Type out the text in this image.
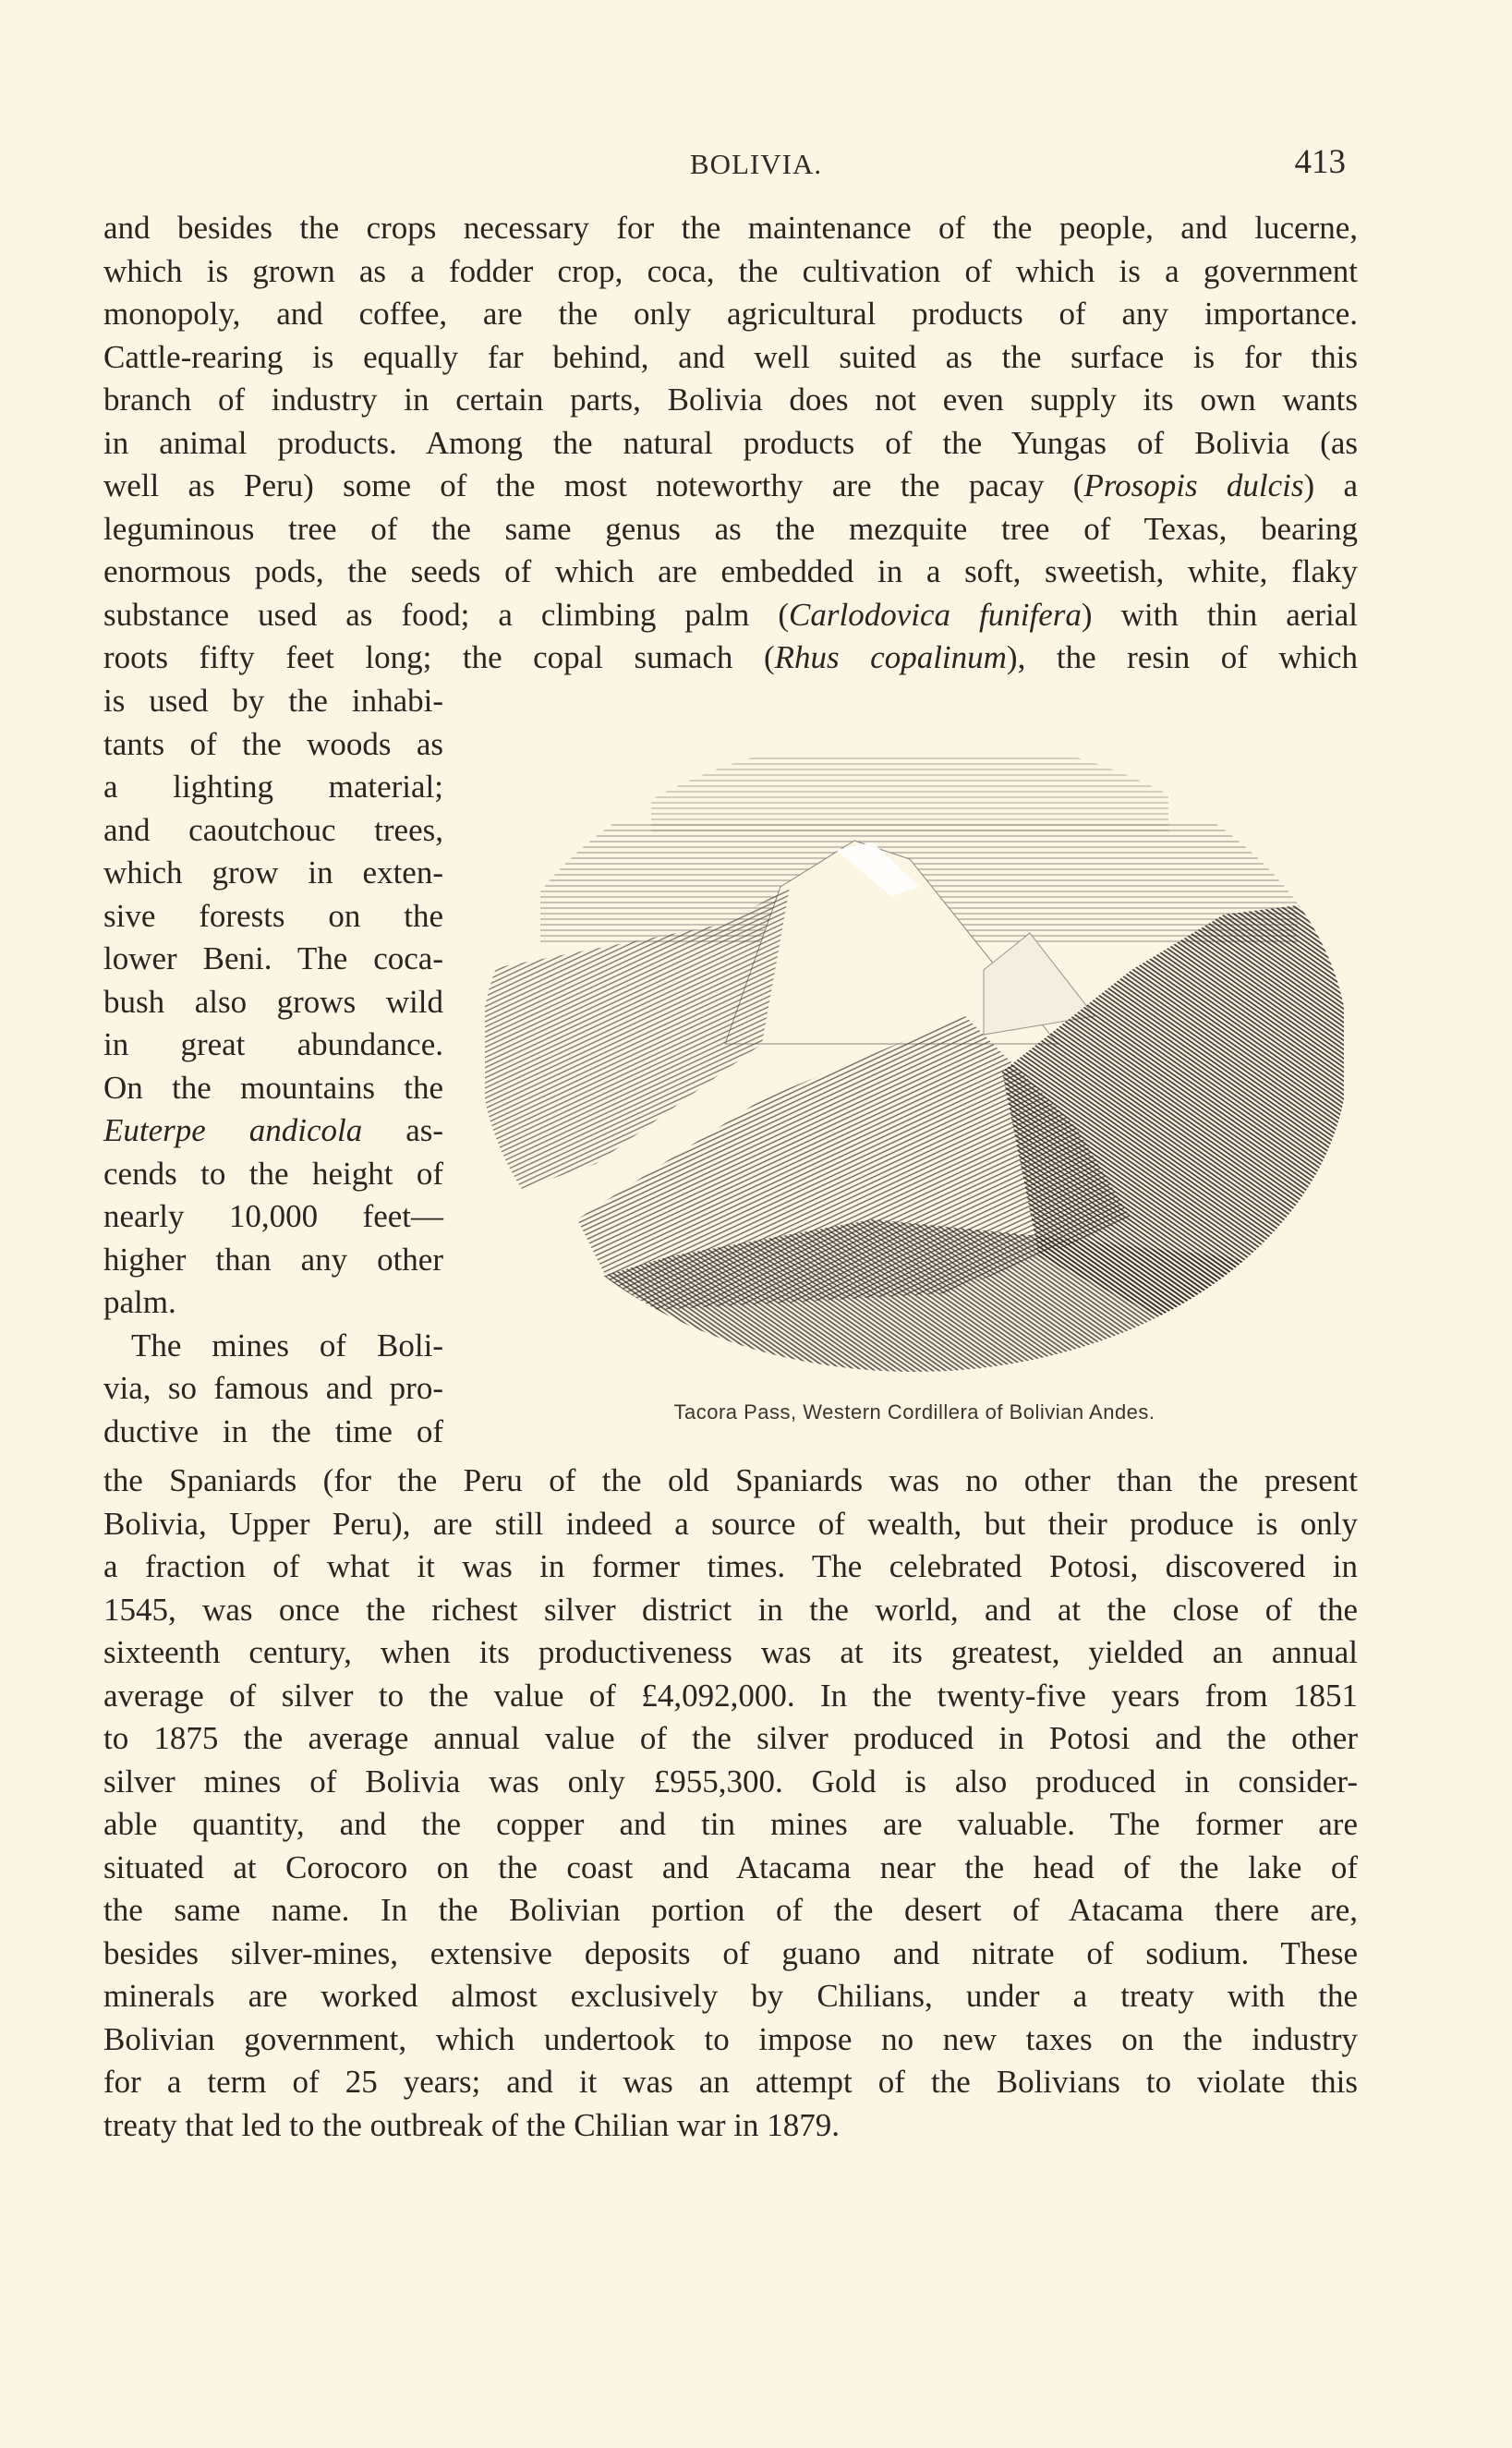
BOLIVIA.	413
and besides the crops necessary for the maintenance of the people, and lucerne,
which is grown as a fodder crop, coca, the cultivation of which is a government
monopoly, and coffee, are the only agricultural products of any importance.
Cattle-rearing is equally far behind, and well suited as the surface is for this
branch of industry in certain parts, Bolivia does not even supply its own wants
in animal products. Among the natural products of the Yungas of Bolivia (as
well as Peru) some of the most noteworthy are the pacay (Prosopis dulcis) a
leguminous tree of the same genus as the mezquite tree of Texas, bearing
enormous pods, the seeds of which are embedded in a soft, sweetish, white, flaky
substance used as food; a climbing palm (Carlodovica funifera) with thin aerial
roots fifty feet long; the copal sumach (Rhus copalinum), the resin of which
is used by the inhabi-
tants of the woods as
a lighting material;
and caoutchouc trees,
which grow in exten-
sive forests on the
lower Beni. The coca-
bush also grows wild
in great abundance.
On the mountains the
Euterpe andicola as-
cends to the height of
nearly 10,000 feet—
higher than any other
palm.
The mines of Boli-
via, so famous and pro-
ductive in the time of
Tacora Pass, Western Cordillera of Bolivian Andes.
the Spaniards (for the Peru of the old Spaniards was no other than the present
Bolivia, Upper Peru), are still indeed a source of wealth, but their produce is only
a fraction of what it was in former times. The celebrated Potosi, discovered in
1545, was once the richest silver district in the world, and at the close of the
sixteenth century, when its productiveness was at its greatest, yielded an annual
average of silver to the value of £4,092,000. In the twenty-five years from 1851
to 1875 the average annual value of the silver produced in Potosi and the other
silver mines of Bolivia was only £955,300. Gold is also produced in consider-
able quantity, and the copper and tin mines are valuable. The former are
situated at Corocoro on the coast and Atacama near the head of the lake of
the same name. In the Bolivian portion of the desert of Atacama there are,
besides silver-mines, extensive deposits of guano and nitrate of sodium. These
minerals are worked almost exclusively by Chilians, under a treaty with the
Bolivian government, which undertook to impose no new taxes on the industry
for a term of 25 years; and it was an attempt of the Bolivians to violate this
treaty that led to the outbreak of the Chilian war in 1879.
